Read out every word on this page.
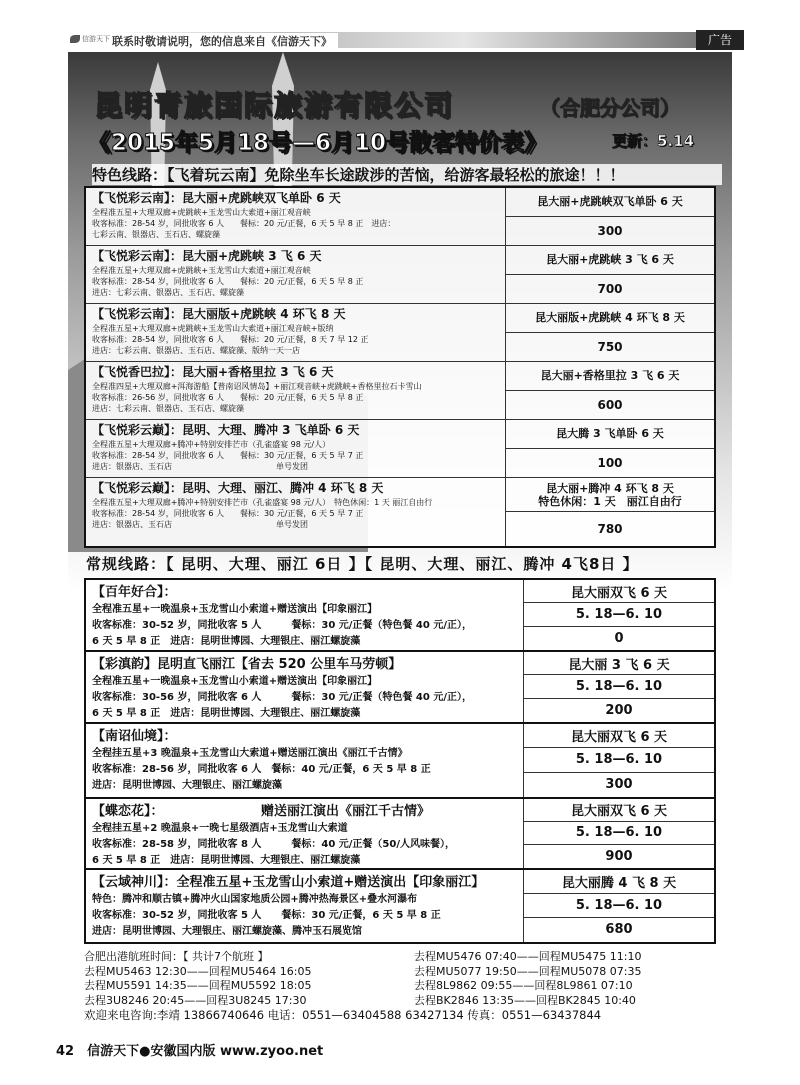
信游天下 联系时敬请说明，您的信息来自《信游天下》	广告
昆明青旅国际旅游有限公司	（合肥分公司）
《2015年5月18号—6月10号散客特价表》	更新：5.14
特色线路：【飞着玩云南】免除坐车长途跋涉的苦恼，给游客最轻松的旅途！！！
【飞悦彩云南】：昆大丽+虎跳峡双飞单卧 6 天
全程准五星+大理双廊+虎跳峡+玉龙雪山大索道+丽江观音峡
收客标准：28-54 岁，同批收客 6 人　　餐标：20 元/正餐，6 天 5 早 8 正　进店：
七彩云南、银器店、玉石店、螺旋藻
昆大丽+虎跳峡双飞单卧 6 天
300
【飞悦彩云南】：昆大丽+虎跳峡 3 飞 6 天
全程准五星+大理双廊+虎跳峡+玉龙雪山大索道+丽江观音峡
收客标准：28-54 岁，同批收客 6 人　　餐标：20 元/正餐，6 天 5 早 8 正
进店：七彩云南、银器店、玉石店、螺旋藻
昆大丽+虎跳峡 3 飞 6 天
700
【飞悦彩云南】：昆大丽版+虎跳峡 4 环飞 8 天
全程准五星+大理双廊+虎跳峡+玉龙雪山大索道+丽江观音峡+版纳
收客标准：28-54 岁，同批收客 6 人　　餐标：20 元/正餐，8 天 7 早 12 正
进店：七彩云南、银器店、玉石店、螺旋藻、版纳一天一店
昆大丽版+虎跳峡 4 环飞 8 天
750
【飞悦香巴拉】：昆大丽+香格里拉 3 飞 6 天
全程准四星+大理双廊+洱海游船【普南诏风情岛】+丽江观音峡+虎跳峡+香格里拉石卡雪山
收客标准：26-56 岁，同批收客 6 人　　餐标：20 元/正餐，6 天 5 早 8 正
进店：七彩云南、银器店、玉石店、螺旋藻
昆大丽+香格里拉 3 飞 6 天
600
【飞悦彩云巅】：昆明、大理、腾冲 3 飞单卧 6 天
全程准五星+大理双廊+腾冲+特别安排芒市（孔雀盛宴 98 元/人）
收客标准：28-54 岁，同批收客 6 人　　餐标：30 元/正餐，6 天 5 早 7 正
进店：银器店、玉石店　　　　　　　　　　　　　单号发团
昆大腾 3 飞单卧 6 天
100
【飞悦彩云巅】：昆明、大理、丽江、腾冲 4 环飞 8 天
全程准五星+大理双廊+腾冲+特别安排芒市（孔雀盛宴 98 元/人）　特色休闲：1 天 丽江自由行
收客标准：28-54 岁，同批收客 6 人　　餐标：30 元/正餐，6 天 5 早 7 正
进店：银器店、玉石店　　　　　　　　　　　　　单号发团
昆大丽+腾冲 4 环飞 8 天
特色休闲：1 天　丽江自由行
780
常规线路：【 昆明、大理、丽江 6日 】【 昆明、大理、丽江、腾冲 4飞8日 】
【百年好合】：
全程准五星+一晚温泉+玉龙雪山小索道+赠送演出【印象丽江】
收客标准：30-52 岁，同批收客 5 人　　　餐标：30 元/正餐（特色餐 40 元/正），
6 天 5 早 8 正　进店：昆明世博园、大理银庄、丽江螺旋藻
昆大丽双飞 6 天
5. 18—6. 10
0
【彩滇韵】昆明直飞丽江【省去 520 公里车马劳顿】
全程准五星+一晚温泉+玉龙雪山小索道+赠送演出【印象丽江】
收客标准：30-56 岁，同批收客 6 人　　　餐标：30 元/正餐（特色餐 40 元/正），
6 天 5 早 8 正　进店：昆明世博园、大理银庄、丽江螺旋藻
昆大丽 3 飞 6 天
5. 18—6. 10
200
【南诏仙境】：
全程挂五星+3 晚温泉+玉龙雪山大索道+赠送丽江演出《丽江千古情》
收客标准：28-56 岁，同批收客 6 人　餐标：40 元/正餐，6 天 5 早 8 正
进店：昆明世博园、大理银庄、丽江螺旋藻
昆大丽双飞 6 天
5. 18—6. 10
300
【蝶恋花】：　　　　　　　　赠送丽江演出《丽江千古情》
全程挂五星+2 晚温泉+一晚七星级酒店+玉龙雪山大索道
收客标准：28-58 岁，同批收客 8 人　　　餐标：40 元/正餐（50/人风味餐），
6 天 5 早 8 正　进店：昆明世博园、大理银庄、丽江螺旋藻
昆大丽双飞 6 天
5. 18—6. 10
900
【云域神川】：全程准五星+玉龙雪山小索道+赠送演出【印象丽江】
特色：腾冲和顺古镇+腾冲火山国家地质公园+腾冲热海景区+叠水河瀑布
收客标准：30-52 岁，同批收客 5 人　　餐标：30 元/正餐，6 天 5 早 8 正
进店：昆明世博园、大理银庄、丽江螺旋藻、腾冲玉石展览馆
昆大丽腾 4 飞 8 天
5. 18—6. 10
680
合肥出港航班时间：【 共计7个航班 】	去程MU5476 07:40——回程MU5475 11:10
去程MU5463 12:30——回程MU5464 16:05	去程MU5077 19:50——回程MU5078 07:35
去程MU5591 14:35——回程MU5592 18:05	去程8L9862 09:55——回程8L9861 07:10
去程3U8246 20:45——回程3U8245 17:30	去程BK2846 13:35——回程BK2845 10:40
欢迎来电咨询:李靖 13866740646 电话：0551—63404588 63427134 传真：0551—63437844
42　 信游天下●安徽国内版 www.zyoo.net
